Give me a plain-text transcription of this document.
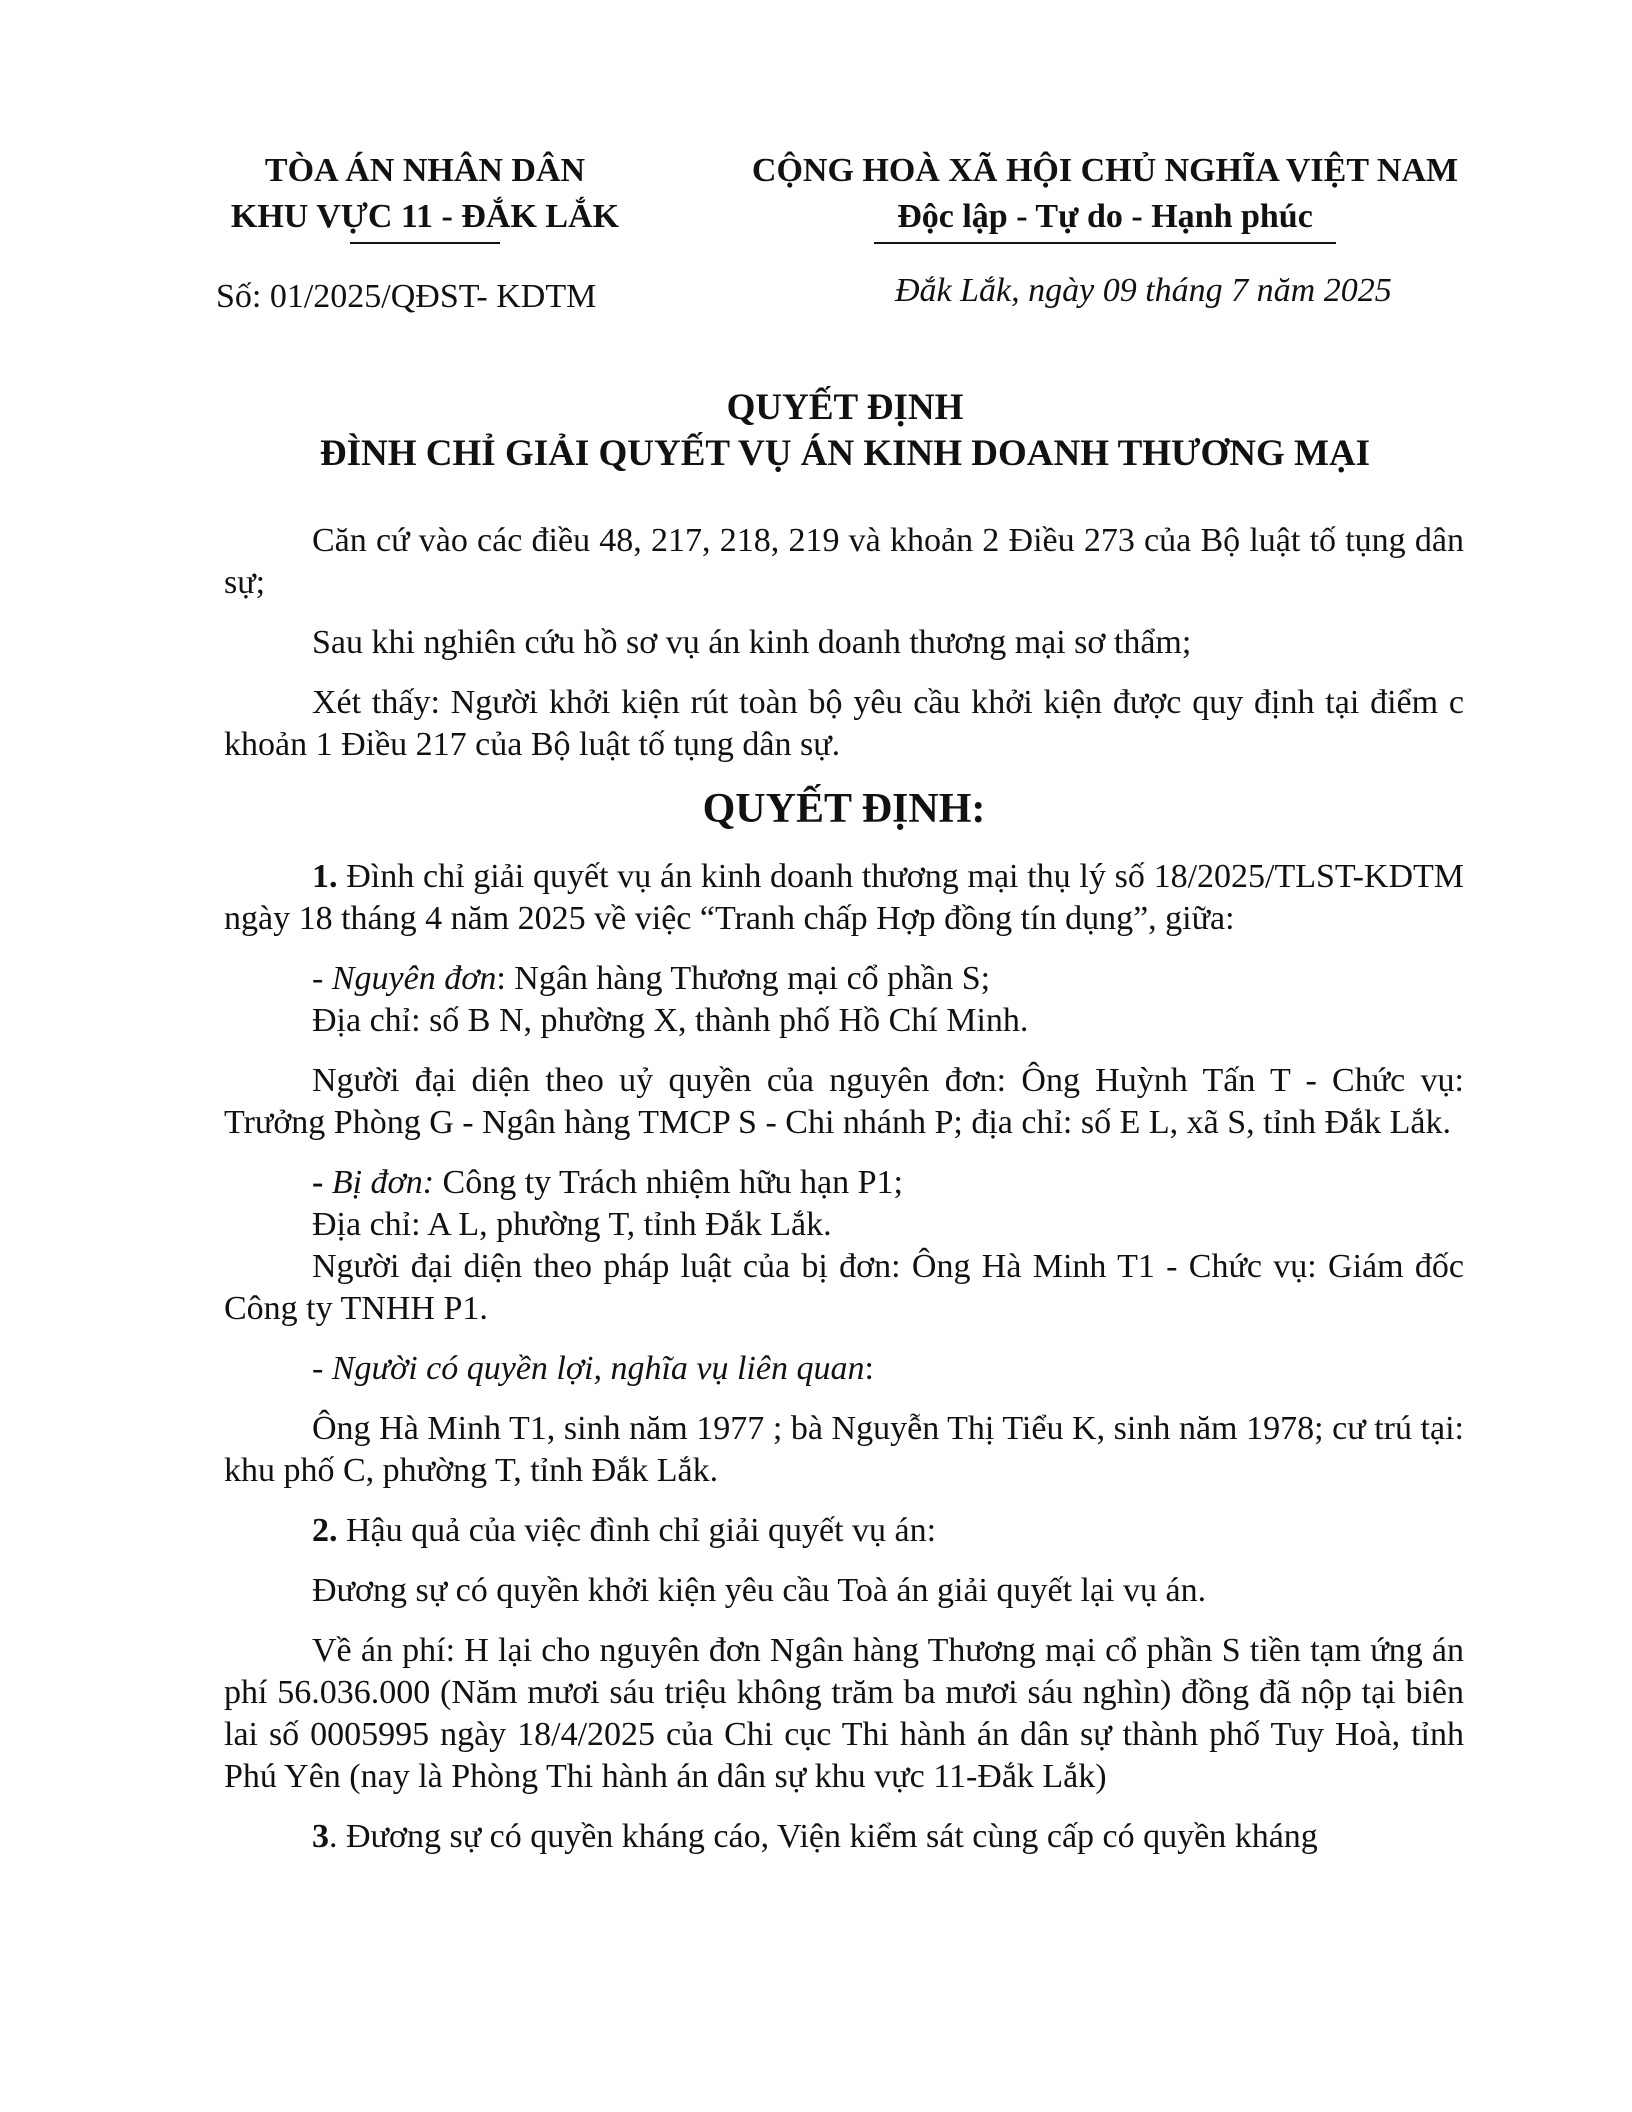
TÒA ÁN NHÂN DÂN
KHU VỰC 11 - ĐẮK LẮK
CỘNG HOÀ XÃ HỘI CHỦ NGHĨA VIỆT NAM
Độc lập - Tự do - Hạnh phúc
Số: 01/2025/QĐST- KDTM	Đắk Lắk, ngày 09 tháng 7 năm 2025
QUYẾT ĐỊNH
ĐÌNH CHỈ GIẢI QUYẾT VỤ ÁN KINH DOANH THƯƠNG MẠI

Căn cứ vào các điều 48, 217, 218, 219 và khoản 2 Điều 273 của Bộ luật tố tụng dân sự;

Sau khi nghiên cứu hồ sơ vụ án kinh doanh thương mại sơ thẩm;

Xét thấy: Người khởi kiện rút toàn bộ yêu cầu khởi kiện được quy định tại điểm c khoản 1 Điều 217 của Bộ luật tố tụng dân sự.

QUYẾT ĐỊNH:

1. Đình chỉ giải quyết vụ án kinh doanh thương mại thụ lý số 18/2025/TLST-KDTM ngày 18 tháng 4 năm 2025 về việc “Tranh chấp Hợp đồng tín dụng”, giữa:

- Nguyên đơn: Ngân hàng Thương mại cổ phần S;

Địa chỉ: số B N, phường X, thành phố Hồ Chí Minh.

Người đại diện theo uỷ quyền của nguyên đơn: Ông Huỳnh Tấn T - Chức vụ: Trưởng Phòng G - Ngân hàng TMCP S - Chi nhánh P; địa chỉ: số E L, xã S, tỉnh Đắk Lắk.

- Bị đơn: Công ty Trách nhiệm hữu hạn P1;

Địa chỉ: A L, phường T, tỉnh Đắk Lắk.

Người đại diện theo pháp luật của bị đơn: Ông Hà Minh T1 - Chức vụ: Giám đốc Công ty TNHH P1.

- Người có quyền lợi, nghĩa vụ liên quan:

Ông Hà Minh T1, sinh năm 1977 ; bà Nguyễn Thị Tiểu K, sinh năm 1978; cư trú tại: khu phố C, phường T, tỉnh Đắk Lắk.

2. Hậu quả của việc đình chỉ giải quyết vụ án:

Đương sự có quyền khởi kiện yêu cầu Toà án giải quyết lại vụ án.

Về án phí: H lại cho nguyên đơn Ngân hàng Thương mại cổ phần S tiền tạm ứng án phí 56.036.000 (Năm mươi sáu triệu không trăm ba mươi sáu nghìn) đồng đã nộp tại biên lai số 0005995 ngày 18/4/2025 của Chi cục Thi hành án dân sự thành phố Tuy Hoà, tỉnh Phú Yên (nay là Phòng Thi hành án dân sự khu vực 11-Đắk Lắk)

3. Đương sự có quyền kháng cáo, Viện kiểm sát cùng cấp có quyền kháng
